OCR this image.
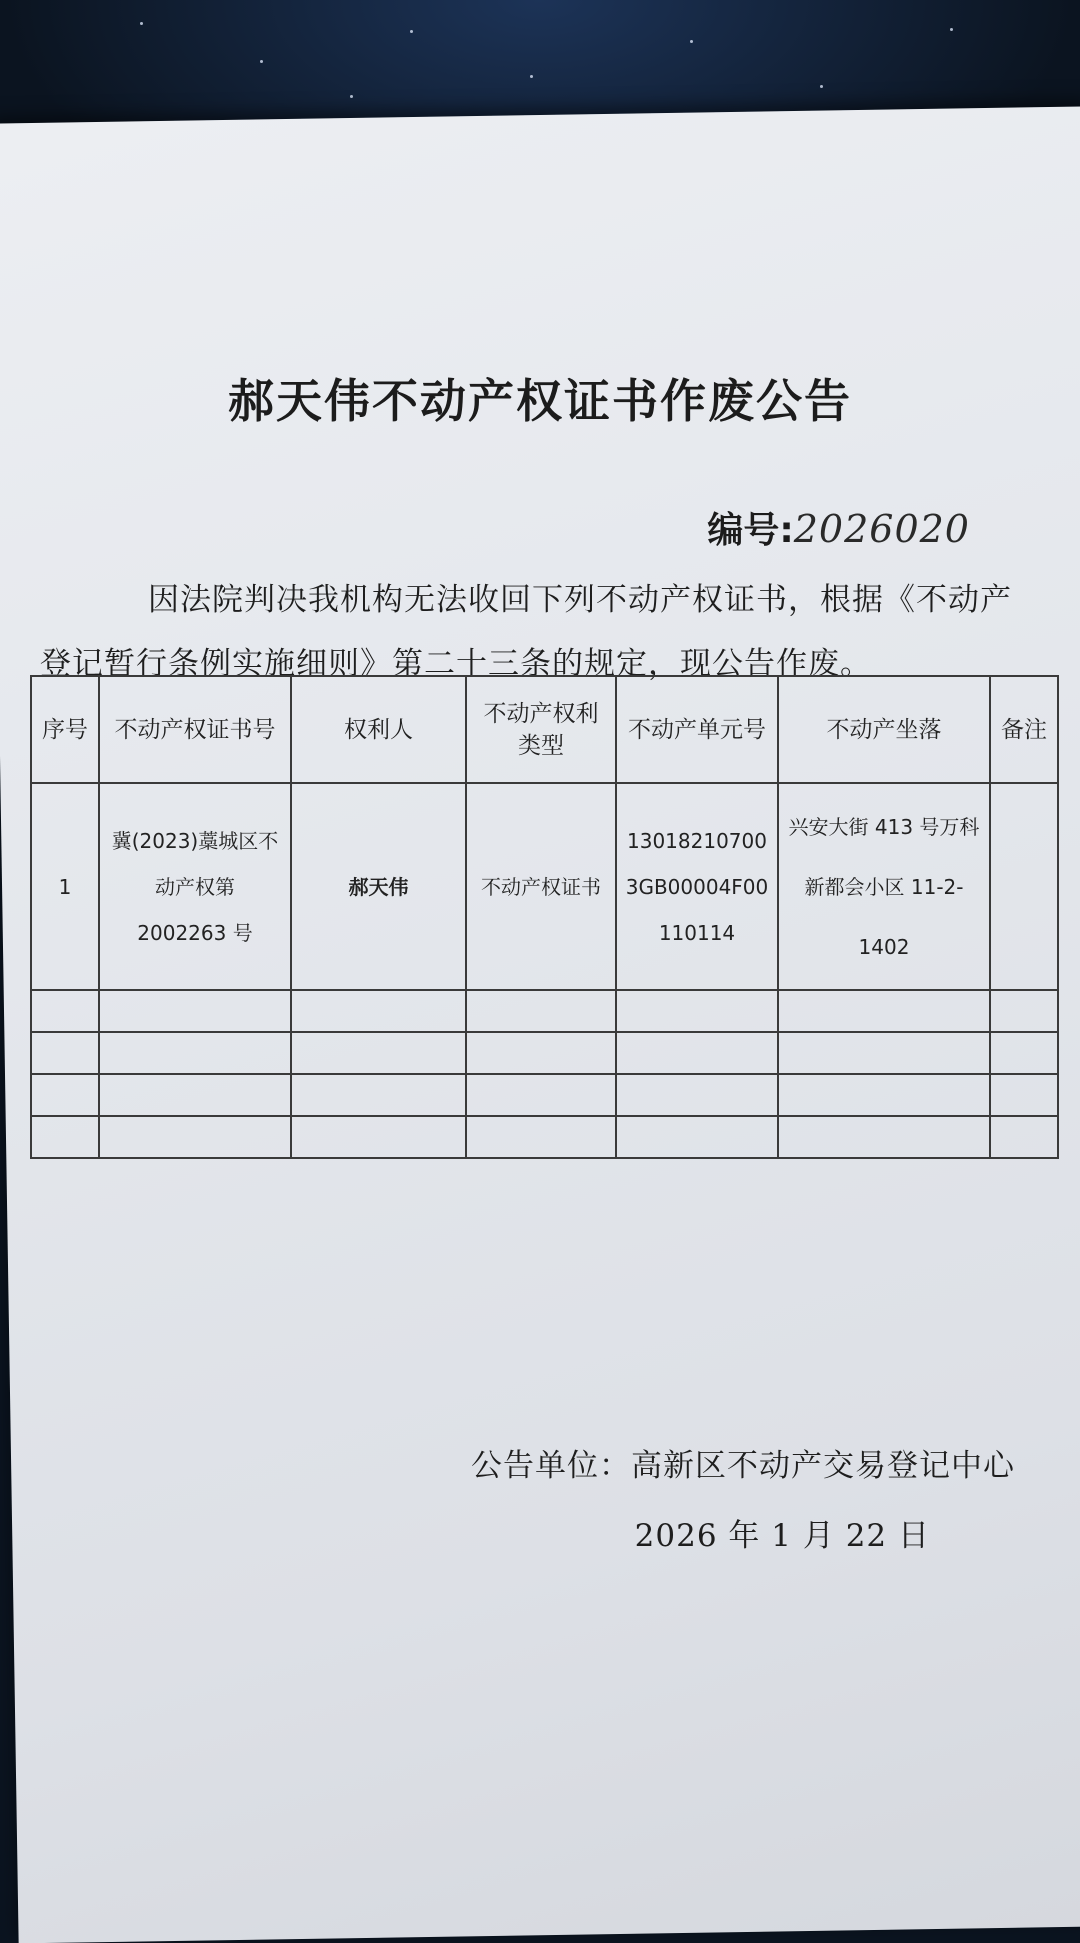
郝天伟不动产权证书作废公告
编号:2026020
因法院判决我机构无法收回下列不动产权证书，根据《不动产登记暂行条例实施细则》第二十三条的规定，现公告作废。
序号	不动产权证书号	权利人	不动产权利类型	不动产单元号	不动产坐落	备注
1	冀(2023)藁城区不动产权第 2002263 号	郝天伟	不动产权证书	130182107003GB00004F00110114	兴安大街 413 号万科新都会小区 11-2-1402	

公告单位：高新区不动产交易登记中心
2026 年 1 月 22 日
